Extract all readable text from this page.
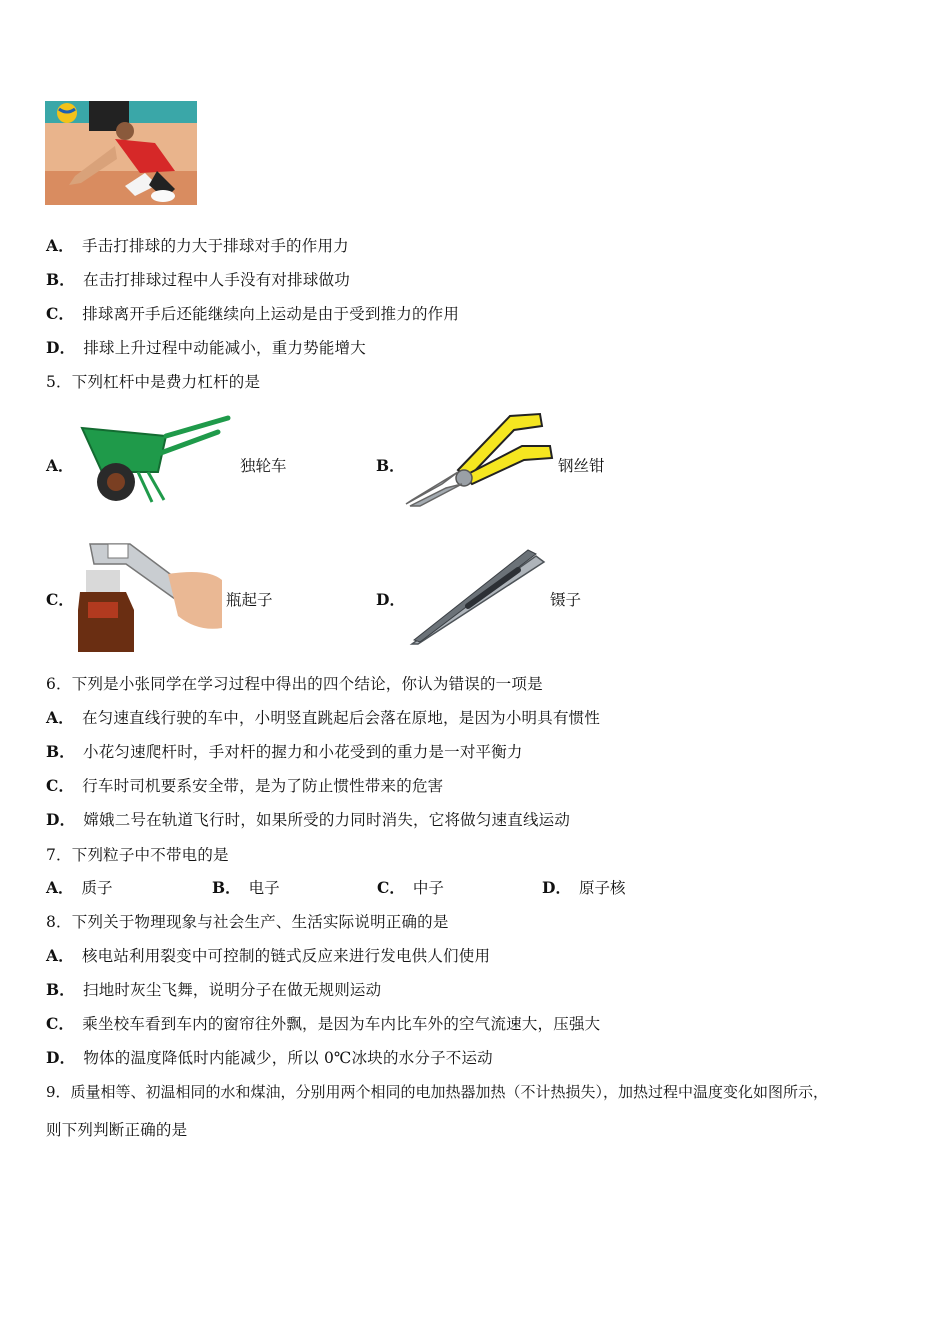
A． 手击打排球的力大于排球对手的作用力
B． 在击打排球过程中人手没有对排球做功
C． 排球离开手后还能继续向上运动是由于受到推力的作用
D． 排球上升过程中动能减小，重力势能增大
5．下列杠杆中是费力杠杆的是
A．	独轮车	B．	钢丝钳
C．	瓶起子	D．	镊子
6．下列是小张同学在学习过程中得出的四个结论，你认为错误的一项是
A． 在匀速直线行驶的车中，小明竖直跳起后会落在原地，是因为小明具有惯性
B． 小花匀速爬杆时，手对杆的握力和小花受到的重力是一对平衡力
C． 行车时司机要系安全带，是为了防止惯性带来的危害
D． 嫦娥二号在轨道飞行时，如果所受的力同时消失，它将做匀速直线运动
7．下列粒子中不带电的是
A． 质子	B． 电子	C． 中子	D． 原子核
8．下列关于物理现象与社会生产、生活实际说明正确的是
A． 核电站利用裂变中可控制的链式反应来进行发电供人们使用
B． 扫地时灰尘飞舞，说明分子在做无规则运动
C． 乘坐校车看到车内的窗帘往外飘，是因为车内比车外的空气流速大，压强大
D． 物体的温度降低时内能减少，所以 0℃冰块的水分子不运动
9．质量相等、初温相同的水和煤油，分别用两个相同的电加热器加热（不计热损失），加热过程中温度变化如图所示，
则下列判断正确的是
